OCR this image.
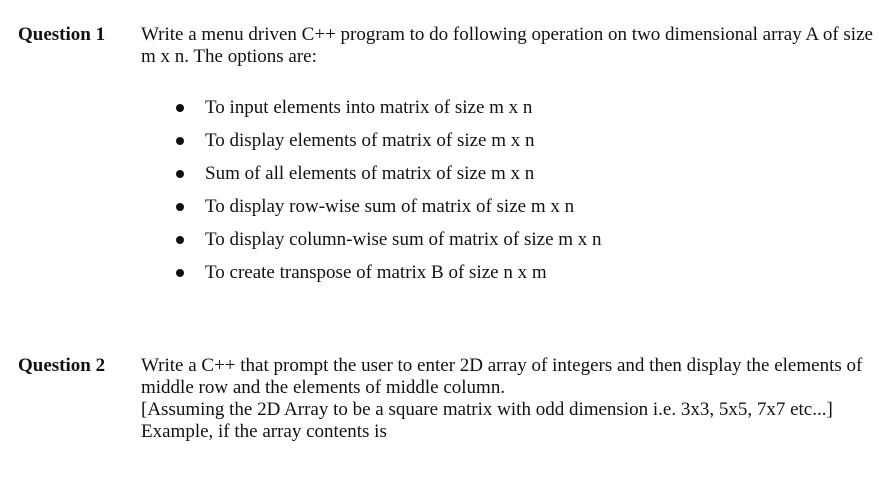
Question 1 Write a menu driven C++ program to do following operation on two dimensional array A of size m x n. The options are:

To input elements into matrix of size m x n
To display elements of matrix of size m x n
Sum of all elements of matrix of size m x n
To display row-wise sum of matrix of size m x n
To display column-wise sum of matrix of size m x n
To create transpose of matrix B of size n x m
Question 2 Write a C++ that prompt the user to enter 2D array of integers and then display the elements of middle row and the elements of middle column.

[Assuming the 2D Array to be a square matrix with odd dimension i.e. 3x3, 5x5, 7x7 etc...]

Example, if the array contents is
